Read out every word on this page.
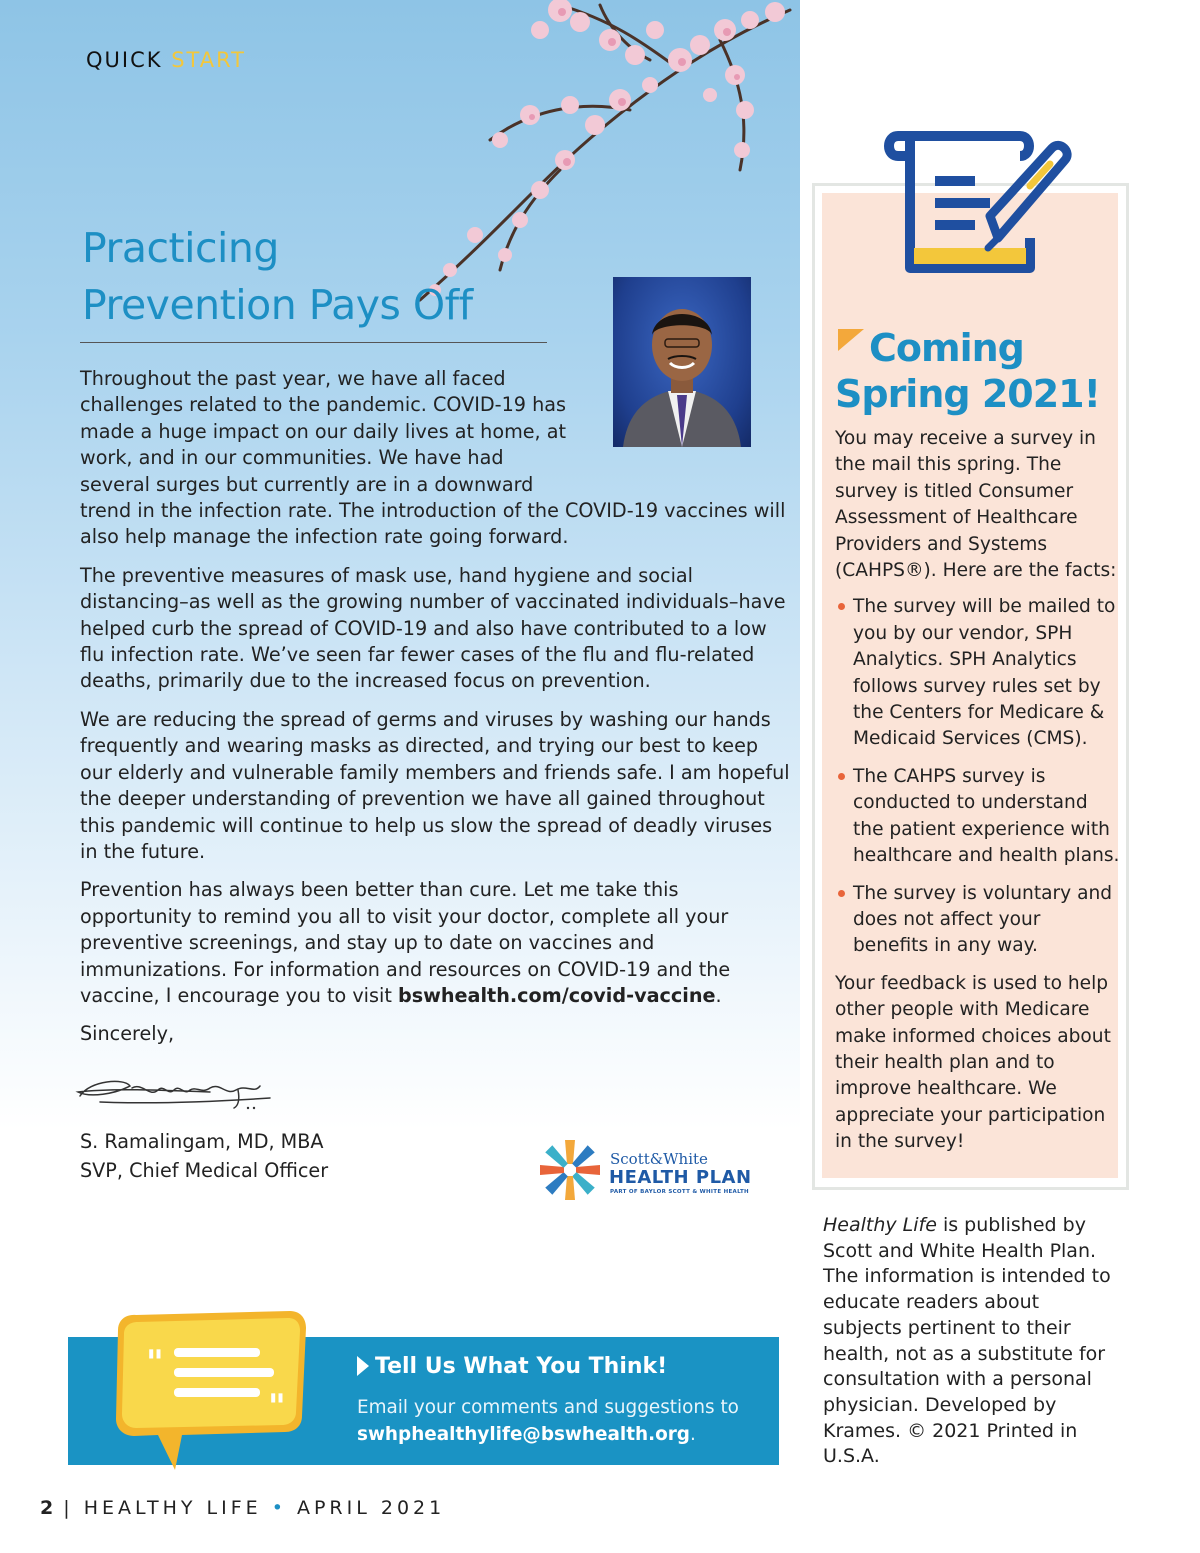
QUICK START
Practicing
Prevention Pays Off

Throughout the past year, we have all faced challenges related to the pandemic. COVID-19 has made a huge impact on our daily lives at home, at work, and in our communities. We have had several surges but currently are in a downward trend in the infection rate. The introduction of the COVID-19 vaccines will also help manage the infection rate going forward.

The preventive measures of mask use, hand hygiene and social distancing–as well as the growing number of vaccinated individuals–have helped curb the spread of COVID-19 and also have contributed to a low flu infection rate. We’ve seen far fewer cases of the flu and flu-related deaths, primarily due to the increased focus on prevention.

We are reducing the spread of germs and viruses by washing our hands frequently and wearing masks as directed, and trying our best to keep our elderly and vulnerable family members and friends safe. I am hopeful the deeper understanding of prevention we have all gained throughout this pandemic will continue to help us slow the spread of deadly viruses in the future.

Prevention has always been better than cure. Let me take this opportunity to remind you all to visit your doctor, complete all your preventive screenings, and stay up to date on vaccines and immunizations. For information and resources on COVID-19 and the vaccine, I encourage you to visit bswhealth.com/covid-vaccine.

Sincerely,

S. Ramalingam, MD, MBA
SVP, Chief Medical Officer	Scott&White
HEALTH PLAN
PART OF BAYLOR SCOTT & WHITE HEALTH
Coming
Spring 2021!

You may receive a survey in the mail this spring. The survey is titled Consumer Assessment of Healthcare Providers and Systems (CAHPS®). Here are the facts:

The survey will be mailed to you by our vendor, SPH Analytics. SPH Analytics follows survey rules set by the Centers for Medicare & Medicaid Services (CMS).
The CAHPS survey is conducted to understand the patient experience with healthcare and health plans.
The survey is voluntary and does not affect your benefits in any way.

Your feedback is used to help other people with Medicare make informed choices about their health plan and to improve healthcare. We appreciate your participation in the survey!

Healthy Life is published by Scott and White Health Plan. The information is intended to educate readers about subjects pertinent to their health, not as a substitute for consultation with a personal physician. Developed by Krames. © 2021 Printed in U.S.A.
"
"
Tell Us What You Think!
Email your comments and suggestions to swhphealthylife@bswhealth.org.
2 | HEALTHY LIFE • APRIL 2021
